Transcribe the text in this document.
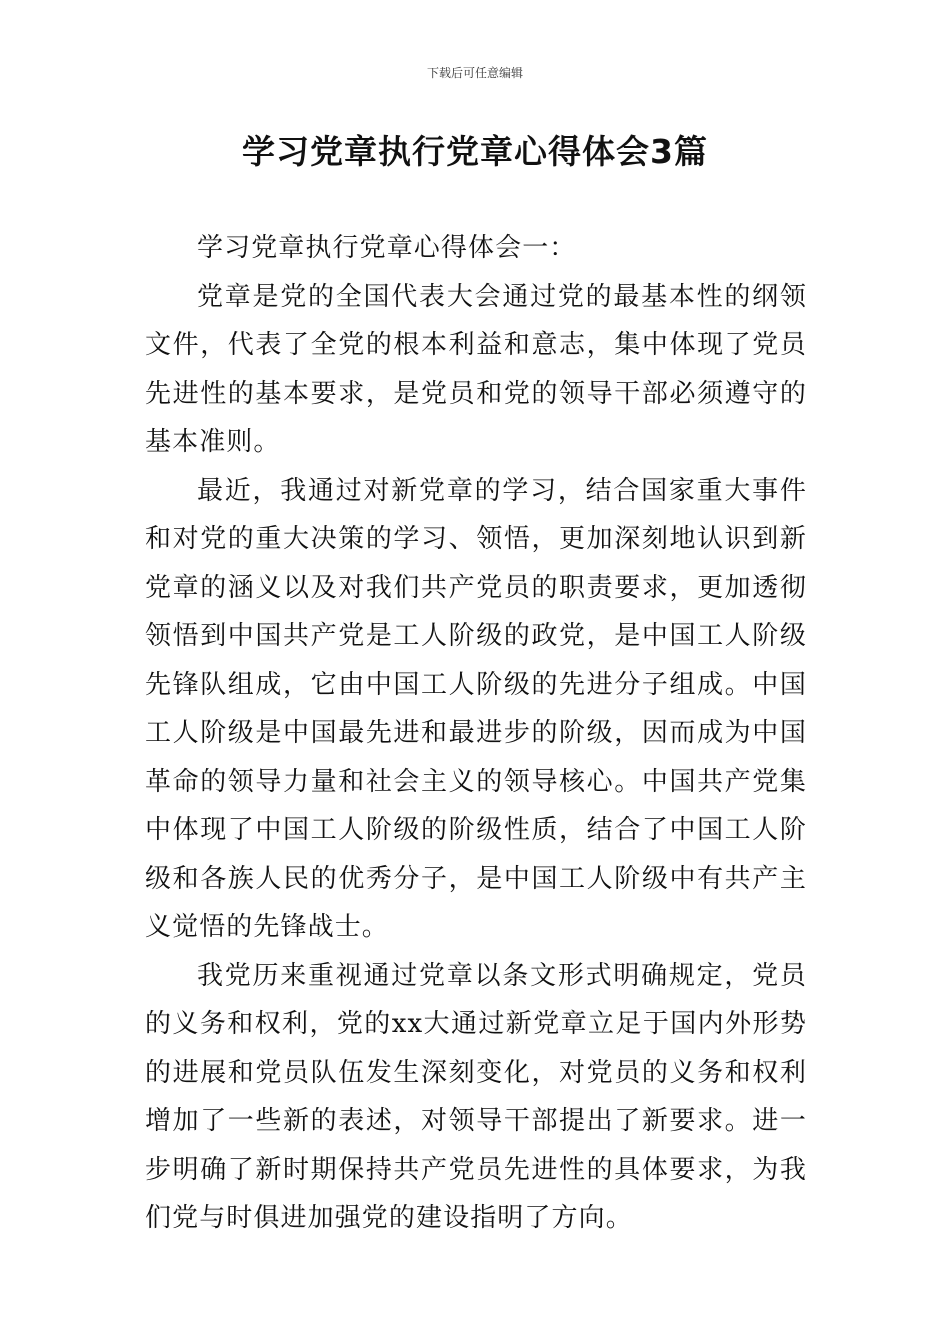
下载后可任意编辑
学习党章执行党章心得体会3篇

学习党章执行党章心得体会一：

党章是党的全国代表大会通过党的最基本性的纲领文件，代表了全党的根本利益和意志，集中体现了党员先进性的基本要求，是党员和党的领导干部必须遵守的基本准则。

最近，我通过对新党章的学习，结合国家重大事件和对党的重大决策的学习、领悟，更加深刻地认识到新党章的涵义以及对我们共产党员的职责要求，更加透彻领悟到中国共产党是工人阶级的政党，是中国工人阶级先锋队组成，它由中国工人阶级的先进分子组成。中国工人阶级是中国最先进和最进步的阶级，因而成为中国革命的领导力量和社会主义的领导核心。中国共产党集中体现了中国工人阶级的阶级性质，结合了中国工人阶级和各族人民的优秀分子，是中国工人阶级中有共产主义觉悟的先锋战士。

我党历来重视通过党章以条文形式明确规定，党员的义务和权利，党的xx大通过新党章立足于国内外形势的进展和党员队伍发生深刻变化，对党员的义务和权利增加了一些新的表述，对领导干部提出了新要求。进一步明确了新时期保持共产党员先进性的具体要求，为我们党与时俱进加强党的建设指明了方向。
